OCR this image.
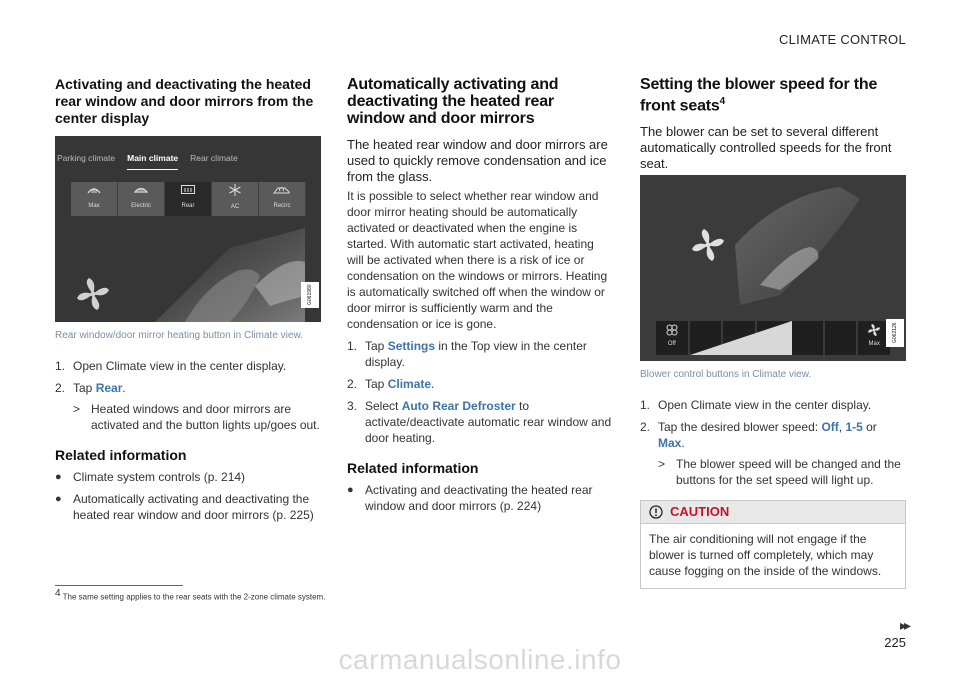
CLIMATE CONTROL
Activating and deactivating the heated rear window and door mirrors from the center display
Parking climate Main climate Rear climate
Max	Electric	Rear	AC	Recirc
G061980
Rear window/door mirror heating button in Climate view.
1. Open Climate view in the center display.
2. Tap Rear.
> Heated windows and door mirrors are activated and the button lights up/goes out.
Related information
● Climate system controls (p. 214)
● Automatically activating and deactivating the heated rear window and door mirrors (p. 225)
Automatically activating and deactivating the heated rear window and door mirrors

The heated rear window and door mirrors are used to quickly remove condensation and ice from the glass.

It is possible to select whether rear window and door mirror heating should be automatically activated or deactivated when the engine is started. With automatic start activated, heating will be activated when there is a risk of ice or condensation on the windows or mirrors. Heating is automatically switched off when the window or door mirror is sufficiently warm and the condensation or ice is gone.

1. Tap Settings in the Top view in the center display.
2. Tap Climate.
3. Select Auto Rear Defroster to activate/deactivate automatic rear window and door heating.
Related information
● Activating and deactivating the heated rear window and door mirrors (p. 224)
Setting the blower speed for the front seats$^4$

The blower can be set to several different automatically controlled speeds for the front seat.

Off	Max
G062126
Blower control buttons in Climate view.
1. Open Climate view in the center display.
2. Tap the desired blower speed: Off, 1-5 or Max.
> The blower speed will be changed and the buttons for the set speed will light up.
CAUTION
The air conditioning will not engage if the blower is turned off completely, which may cause fogging on the inside of the windows.
$^4$ The same setting applies to the rear seats with the 2-zone climate system.
▸▸
225
carmanualsonline.info
